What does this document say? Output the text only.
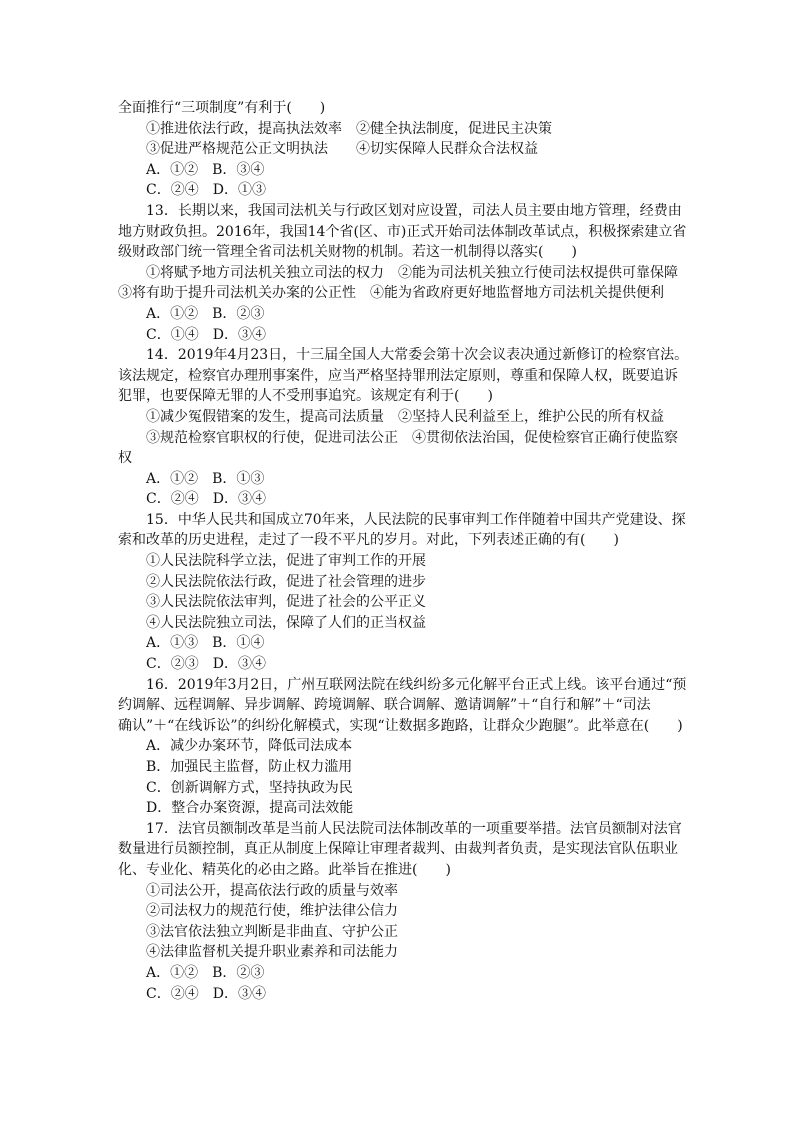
全面推行“三项制度”有利于(　　)
①推进依法行政，提高执法效率 ②健全执法制度，促进民主决策
③促进严格规范公正文明执法 ④切实保障人民群众合法权益
A．①② B．③④
C．②④ D．①③
13．长期以来，我国司法机关与行政区划对应设置，司法人员主要由地方管理，经费由
地方财政负担。2016年，我国14个省(区、市)正式开始司法体制改革试点，积极探索建立省
级财政部门统一管理全省司法机关财物的机制。若这一机制得以落实(　　)
①将赋予地方司法机关独立司法的权力 ②能为司法机关独立行使司法权提供可靠保障
③将有助于提升司法机关办案的公正性 ④能为省政府更好地监督地方司法机关提供便利
A．①② B．②③
C．①④ D．③④
14．2019年4月23日，十三届全国人大常委会第十次会议表决通过新修订的检察官法。
该法规定，检察官办理刑事案件，应当严格坚持罪刑法定原则，尊重和保障人权，既要追诉
犯罪，也要保障无罪的人不受刑事追究。该规定有利于(　　)
①减少冤假错案的发生，提高司法质量 ②坚持人民利益至上，维护公民的所有权益
③规范检察官职权的行使，促进司法公正 ④贯彻依法治国，促使检察官正确行使监察
权
A．①② B．①③
C．②④ D．③④
15．中华人民共和国成立70年来，人民法院的民事审判工作伴随着中国共产党建设、探
索和改革的历史进程，走过了一段不平凡的岁月。对此，下列表述正确的有(　　)
①人民法院科学立法，促进了审判工作的开展
②人民法院依法行政，促进了社会管理的进步
③人民法院依法审判，促进了社会的公平正义
④人民法院独立司法，保障了人们的正当权益
A．①③ B．①④
C．②③ D．③④
16．2019年3月2日，广州互联网法院在线纠纷多元化解平台正式上线。该平台通过“预
约调解、远程调解、异步调解、跨境调解、联合调解、邀请调解”＋“自行和解”＋“司法
确认”＋“在线诉讼”的纠纷化解模式，实现“让数据多跑路，让群众少跑腿”。此举意在(　　)
A．减少办案环节，降低司法成本
B．加强民主监督，防止权力滥用
C．创新调解方式，坚持执政为民
D．整合办案资源，提高司法效能
17．法官员额制改革是当前人民法院司法体制改革的一项重要举措。法官员额制对法官
数量进行员额控制，真正从制度上保障让审理者裁判、由裁判者负责，是实现法官队伍职业
化、专业化、精英化的必由之路。此举旨在推进(　　)
①司法公开，提高依法行政的质量与效率
②司法权力的规范行使，维护法律公信力
③法官依法独立判断是非曲直、守护公正
④法律监督机关提升职业素养和司法能力
A．①② B．②③
C．②④ D．③④
